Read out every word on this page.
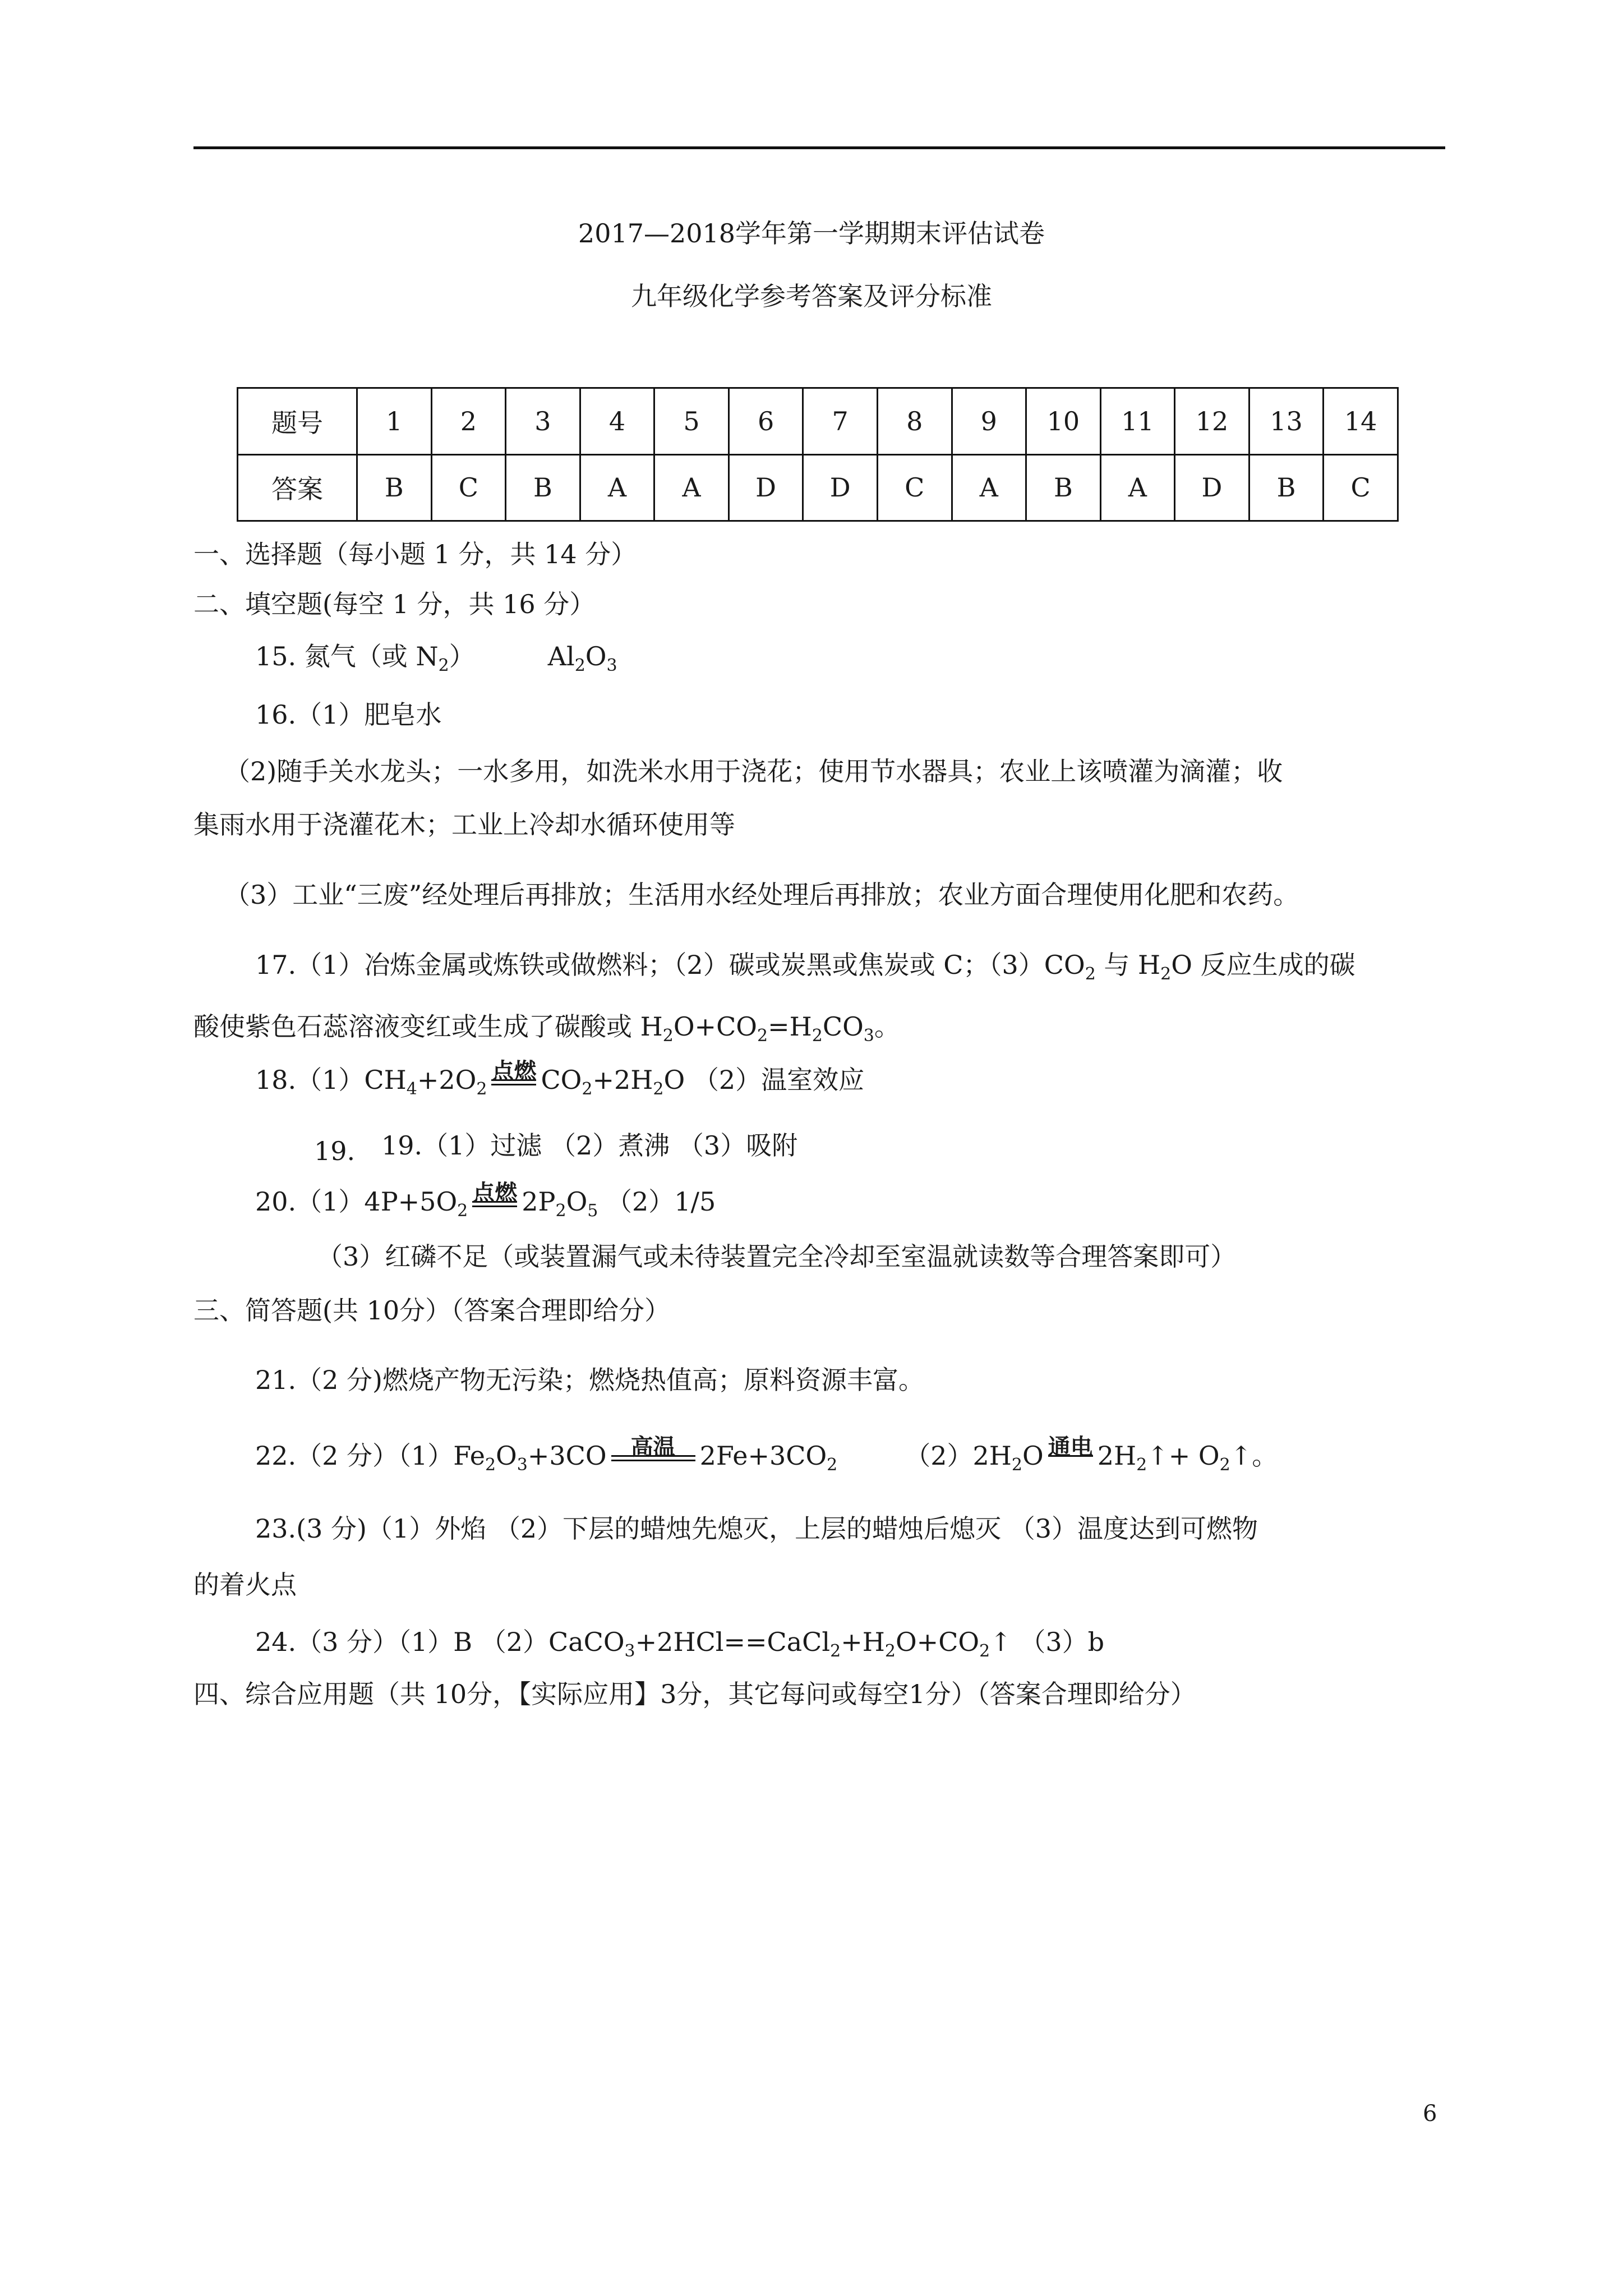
2017—2018学年第一学期期末评估试卷
九年级化学参考答案及评分标准
题号	1	2	3	4	5	6	7	8	9	10	11	12	13	14
答案	B	C	B	A	A	D	D	C	A	B	A	D	B	C
一、选择题（每小题 1 分，共 14 分）
二、填空题(每空 1 分，共 16 分）
15. 氮气（或 $N_2$）	$Al_2O_3$
16.（1）肥皂水
（2)随手关水龙头；一水多用，如洗米水用于浇花；使用节水器具；农业上该喷灌为滴灌；收
集雨水用于浇灌花木；工业上冷却水循环使用等
（3）工业“三废”经处理后再排放；生活用水经处理后再排放；农业方面合理使用化肥和农药。
17.（1）冶炼金属或炼铁或做燃料；（2）碳或炭黑或焦炭或 C；$(3)CO_2$ 与 $H_2O$ 反应生成的碳
酸使紫色石蕊溶液变红或生成了碳酸或 $H_2O+CO_2=H_2CO_3$。
$18.(1)CH_4+2O_2$
点燃 $CO_2+2H_2O$ （2）温室效应
19. 19.（1）过滤 （2）煮沸 （3）吸附
$20.(1)4P+5O_2$
点燃 $2P_2O_5$ （2）1/5
（3）红磷不足（或装置漏气或未待装置完全冷却至室温就读数等合理答案即可）
三、简答题(共 10分）（答案合理即给分）
21.（2 分)燃烧产物无污染；燃烧热值高；原料资源丰富。
22.（2 分）$(1)Fe_2O_3+3CO$	高温 $2Fe+3CO_2$	$(2)2H_2O$ 通电 $2H_2↑+$ $O_2↑$。
23.(3 分)（1）外焰 （2）下层的蜡烛先熄灭，上层的蜡烛后熄灭 （3）温度达到可燃物
的着火点
24.（3 分）（1）B $(2)CaCO_3+2HCl==CaCl_2+H_2O+CO_2↑$ （3）b
四、综合应用题（共 10分，【实际应用】3分，其它每问或每空1分）（答案合理即给分）
6
